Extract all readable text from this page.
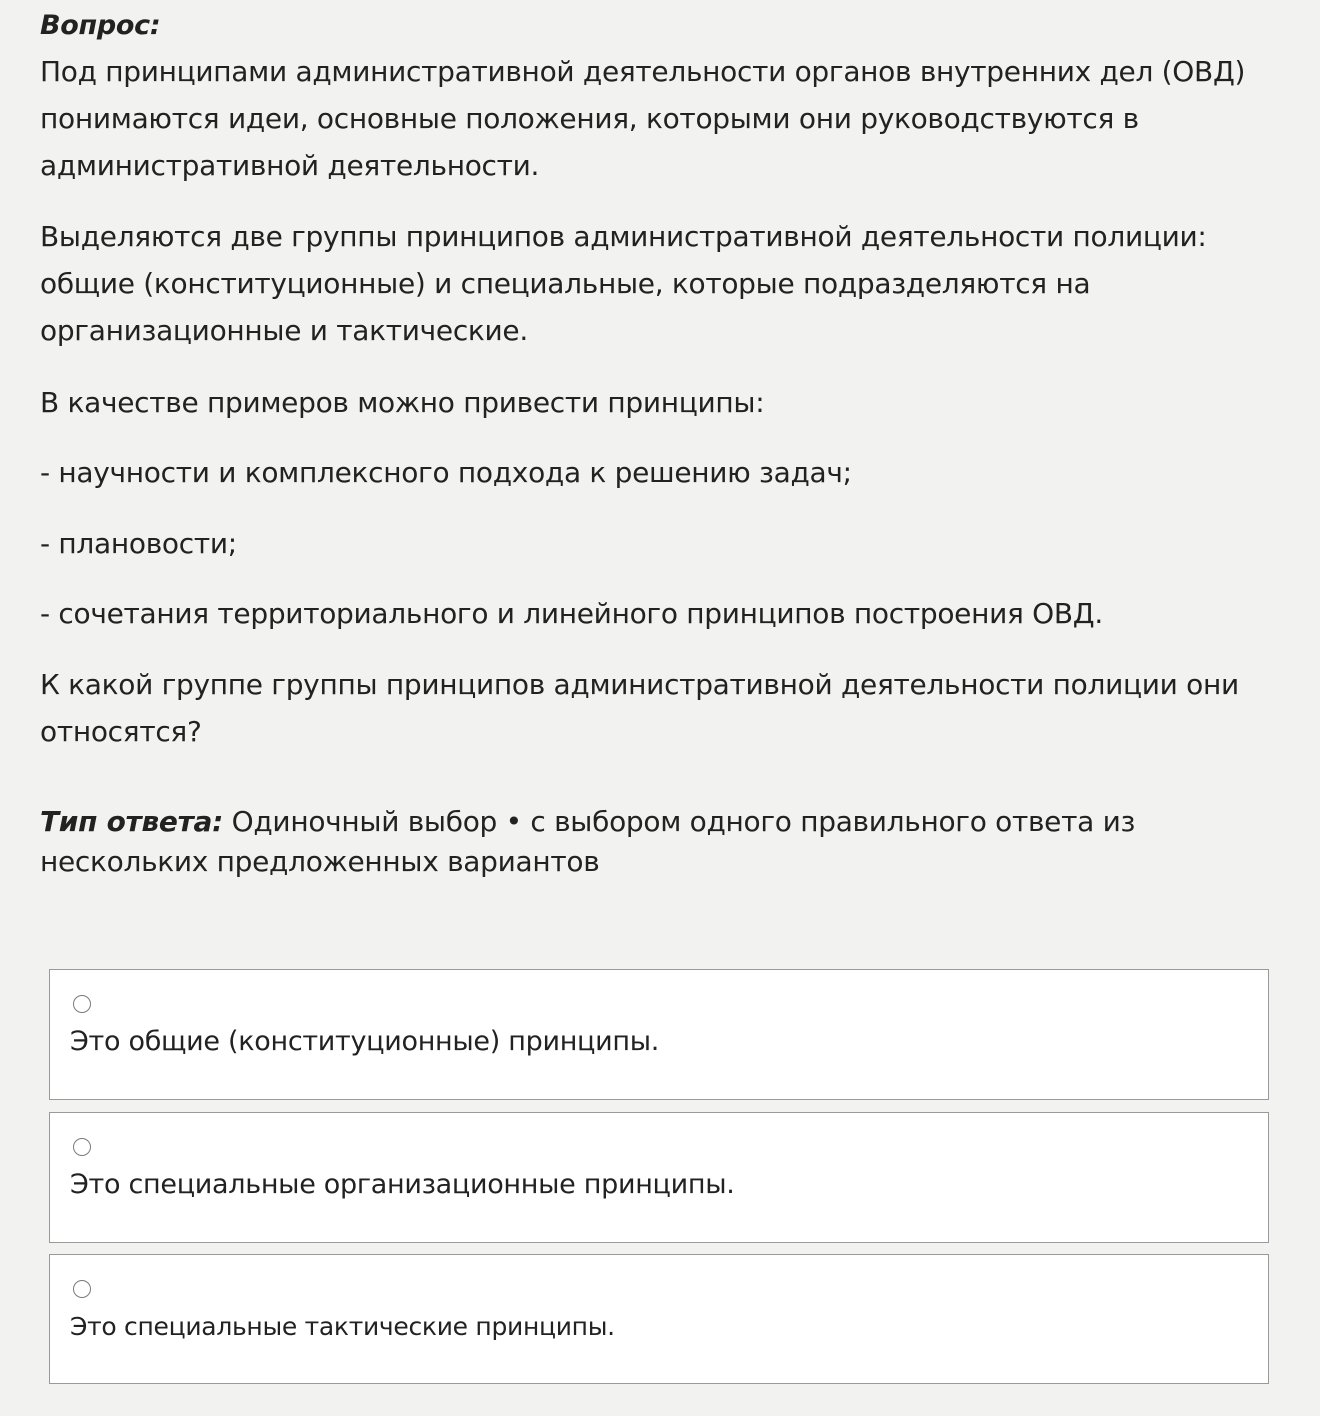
Вопрос:

Под принципами административной деятельности органов внутренних дел (ОВД) понимаются идеи, основные положения, которыми они руководствуются в административной деятельности.

Выделяются две группы принципов административной деятельности полиции: общие (конституционные) и специальные, которые подразделяются на организационные и тактические.

В качестве примеров можно привести принципы:

- научности и комплексного подхода к решению задач;

- плановости;

- сочетания территориального и линейного принципов построения ОВД.

К какой группе группы принципов административной деятельности полиции они относятся?

Тип ответа: Одиночный выбор • с выбором одного правильного ответа из нескольких предложенных вариантов
Это общие (конституционные) принципы.
Это специальные организационные принципы.
Это специальные тактические принципы.
